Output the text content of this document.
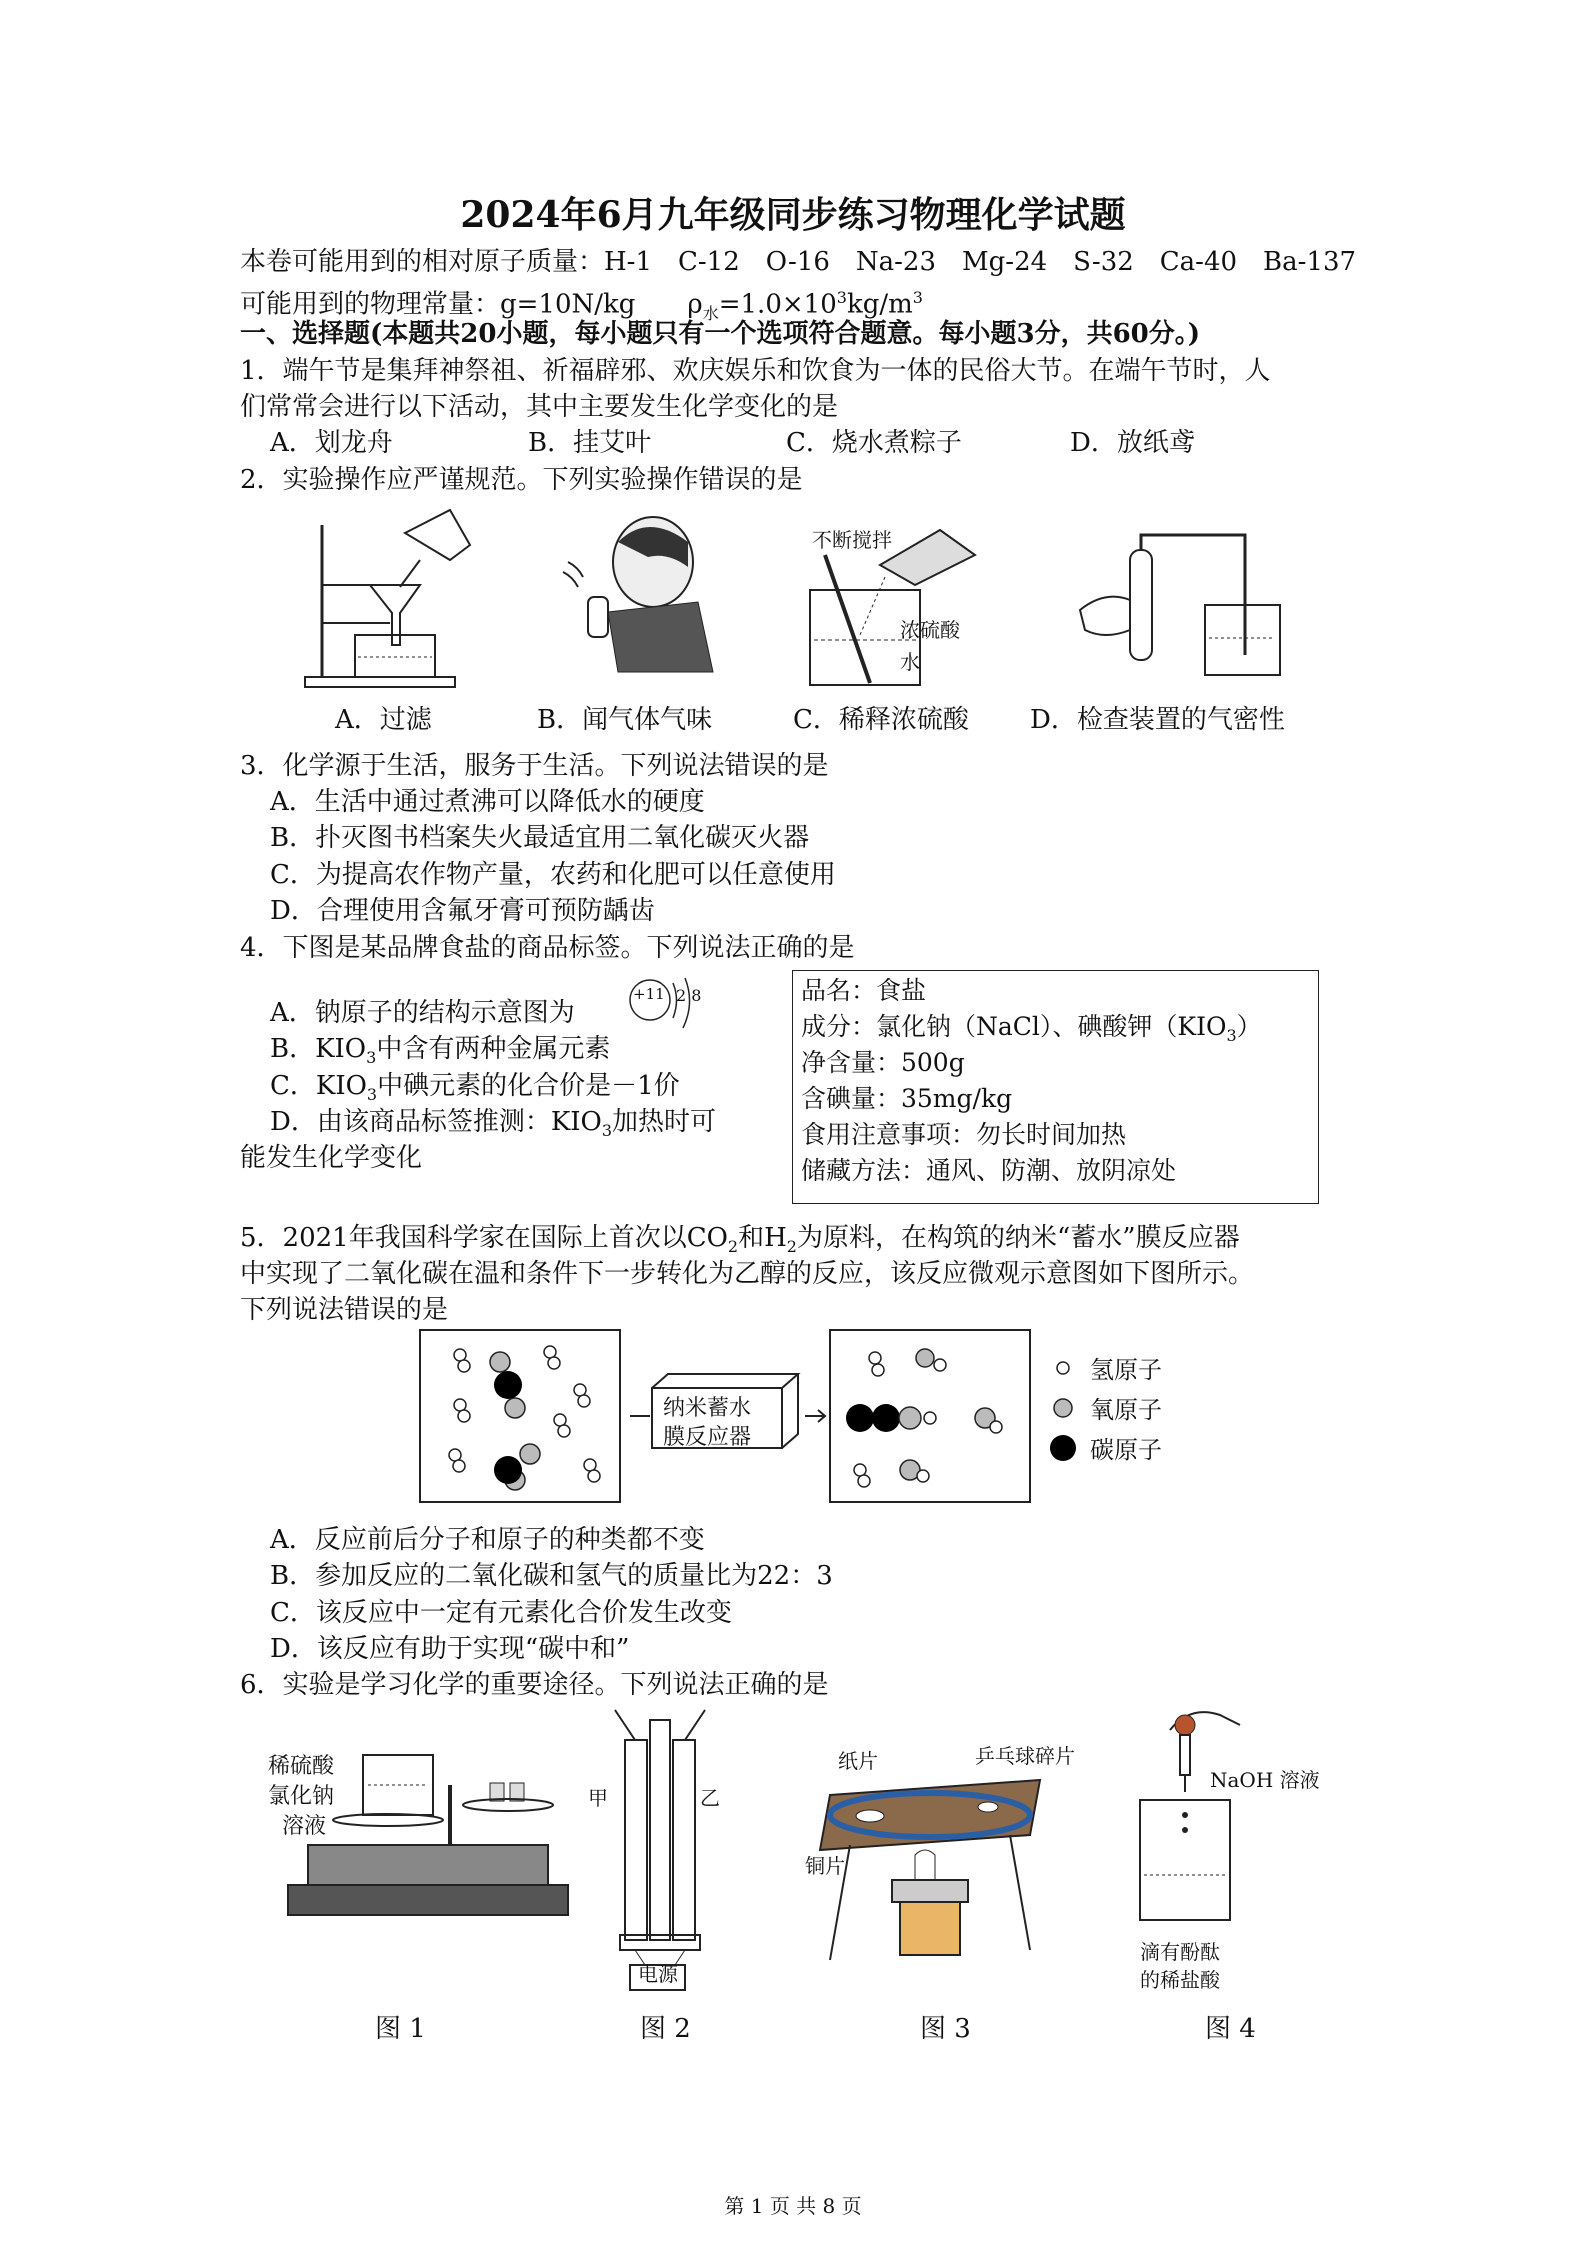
2024年6月九年级同步练习物理化学试题
本卷可能用到的相对原子质量：H-1　C-12　O-16　Na-23　Mg-24　S-32　Ca-40　Ba-137
可能用到的物理常量：g=10N/kg　　$\rho_水=1.0\times 10^3kg/m^3$
一、选择题(本题共20小题，每小题只有一个选项符合题意。每小题3分，共60分。)
1．端午节是集拜神祭祖、祈福辟邪、欢庆娱乐和饮食为一体的民俗大节。在端午节时，人
们常常会进行以下活动，其中主要发生化学变化的是
A．划龙舟	B．挂艾叶	C．烧水煮粽子	D．放纸鸢
2．实验操作应严谨规范。下列实验操作错误的是
不断搅拌
浓硫酸
水
A．过滤	B．闻气体气味	C．稀释浓硫酸 D．检查装置的气密性
3．化学源于生活，服务于生活。下列说法错误的是
A．生活中通过煮沸可以降低水的硬度
B．扑灭图书档案失火最适宜用二氧化碳灭火器
C．为提高农作物产量，农药和化肥可以任意使用
D．合理使用含氟牙膏可预防龋齿
4．下图是某品牌食盐的商品标签。下列说法正确的是
A．钠原子的结构示意图为
+11 2 8
B．$KIO_3$中含有两种金属元素
C．$KIO_3$中碘元素的化合价是－1价
D．由该商品标签推测：$KIO_3$加热时可
能发生化学变化
品名：食盐
成分：氯化钠（NaCl）、碘酸钾$(KIO_3)$
净含量：500g
含碘量：35mg/kg
食用注意事项：勿长时间加热
储藏方法：通风、防潮、放阴凉处
5．2021年我国科学家在国际上首次以$CO_2$和$H_2$为原料，在构筑的纳米“蓄水”膜反应器
中实现了二氧化碳在温和条件下一步转化为乙醇的反应，该反应微观示意图如下图所示。
下列说法错误的是
纳米蓄水
膜反应器
氢原子
氧原子
碳原子
A．反应前后分子和原子的种类都不变
B．参加反应的二氧化碳和氢气的质量比为22：3
C．该反应中一定有元素化合价发生改变
D．该反应有助于实现“碳中和”
6．实验是学习化学的重要途径。下列说法正确的是
稀硫酸
氯化钠
溶液
甲	乙
电源
纸片	乒乓球碎片
铜片
NaOH 溶液
滴有酚酞
的稀盐酸
图 1	图 2	图 3	图 4
第 1 页 共 8 页
